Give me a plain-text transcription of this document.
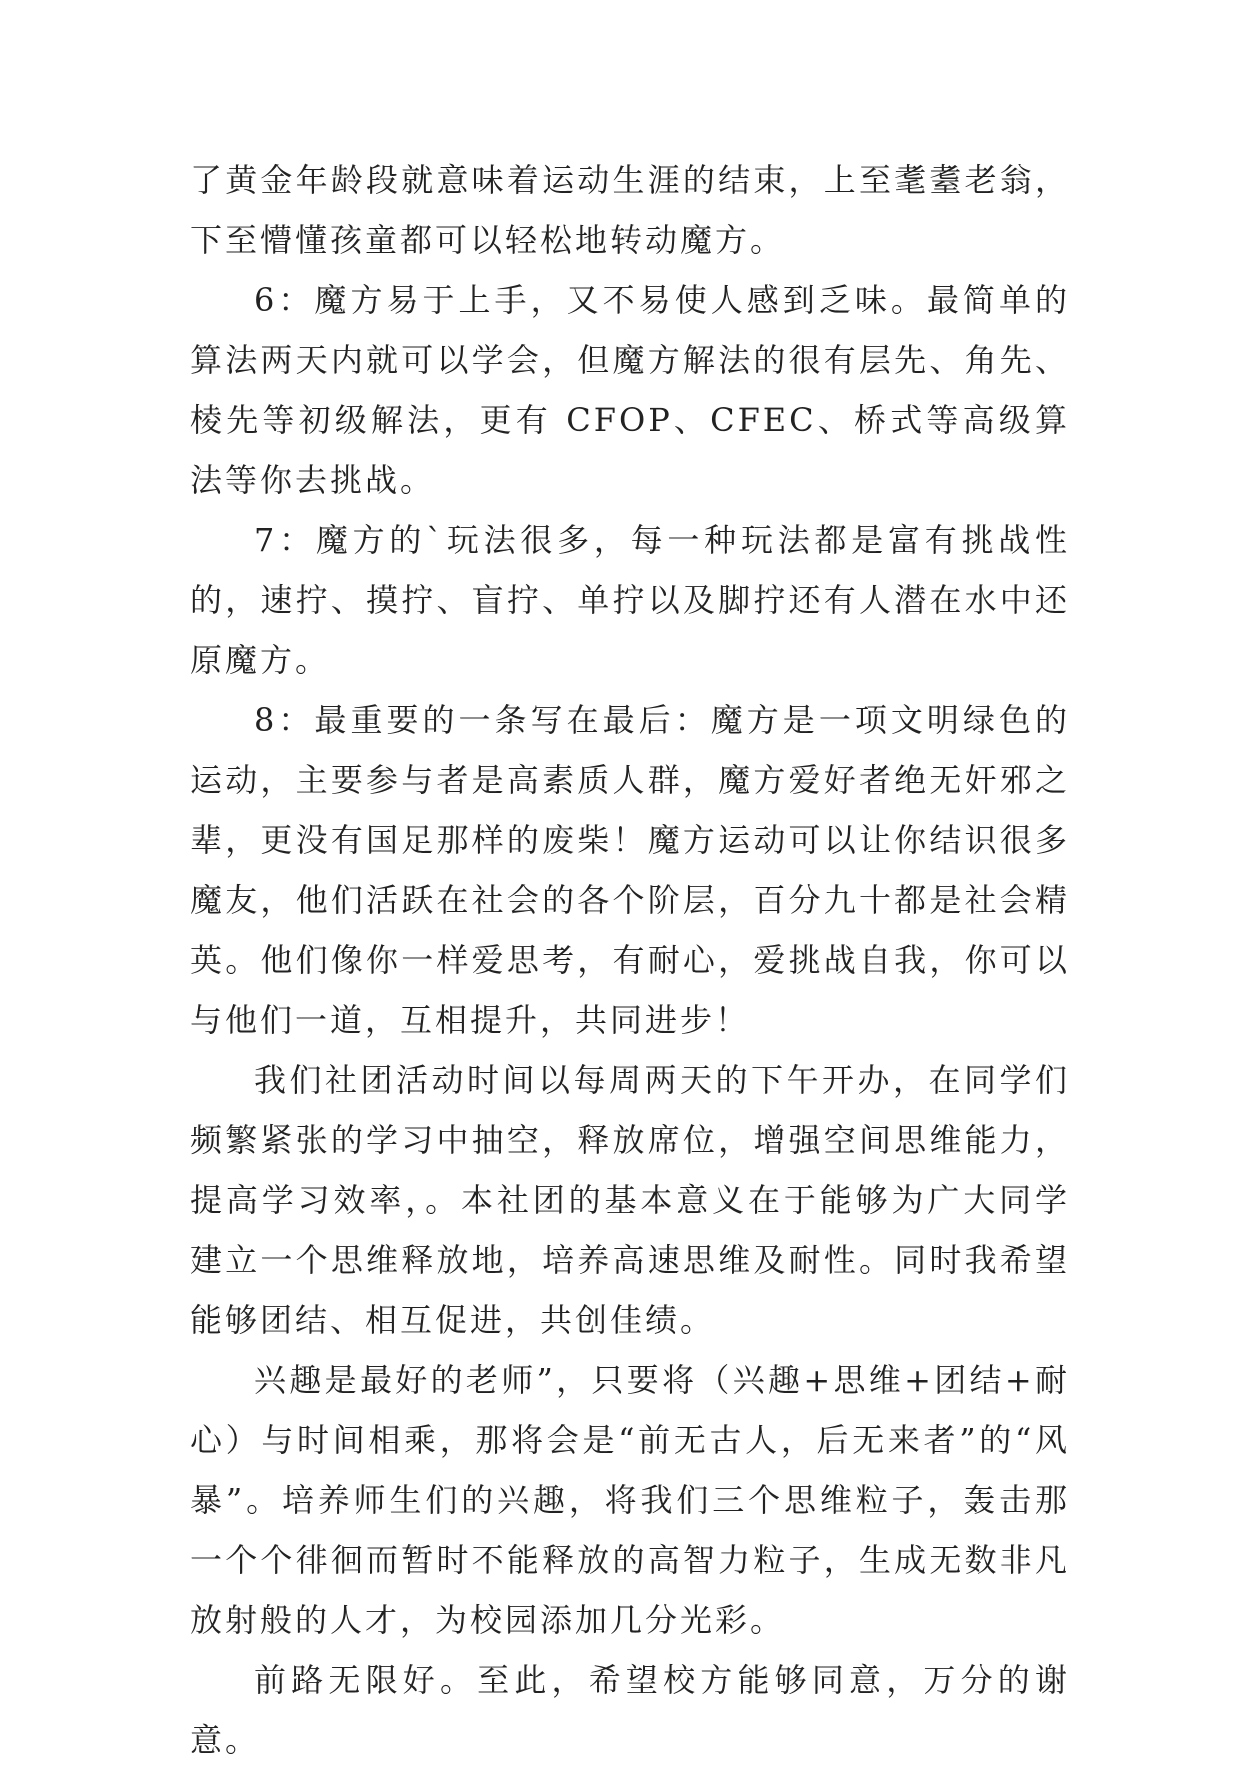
了黄金年龄段就意味着运动生涯的结束，上至耄耋老翁，下至懵懂孩童都可以轻松地转动魔方。

6：魔方易于上手，又不易使人感到乏味。最简单的算法两天内就可以学会，但魔方解法的很有层先、角先、棱先等初级解法，更有 CFOP、CFEC、桥式等高级算法等你去挑战。

7：魔方的`玩法很多，每一种玩法都是富有挑战性的，速拧、摸拧、盲拧、单拧以及脚拧还有人潜在水中还原魔方。

8：最重要的一条写在最后：魔方是一项文明绿色的运动，主要参与者是高素质人群，魔方爱好者绝无奸邪之辈，更没有国足那样的废柴！魔方运动可以让你结识很多魔友，他们活跃在社会的各个阶层，百分九十都是社会精英。他们像你一样爱思考，有耐心，爱挑战自我，你可以与他们一道，互相提升，共同进步！

我们社团活动时间以每周两天的下午开办，在同学们频繁紧张的学习中抽空，释放席位，增强空间思维能力，提高学习效率，。本社团的基本意义在于能够为广大同学建立一个思维释放地，培养高速思维及耐性。同时我希望能够团结、相互促进，共创佳绩。

兴趣是最好的老师”，只要将（兴趣+思维+团结+耐心）与时间相乘，那将会是“前无古人，后无来者”的“风暴”。培养师生们的兴趣，将我们三个思维粒子，轰击那一个个徘徊而暂时不能释放的高智力粒子，生成无数非凡放射般的人才，为校园添加几分光彩。

前路无限好。至此，希望校方能够同意，万分的谢意。
